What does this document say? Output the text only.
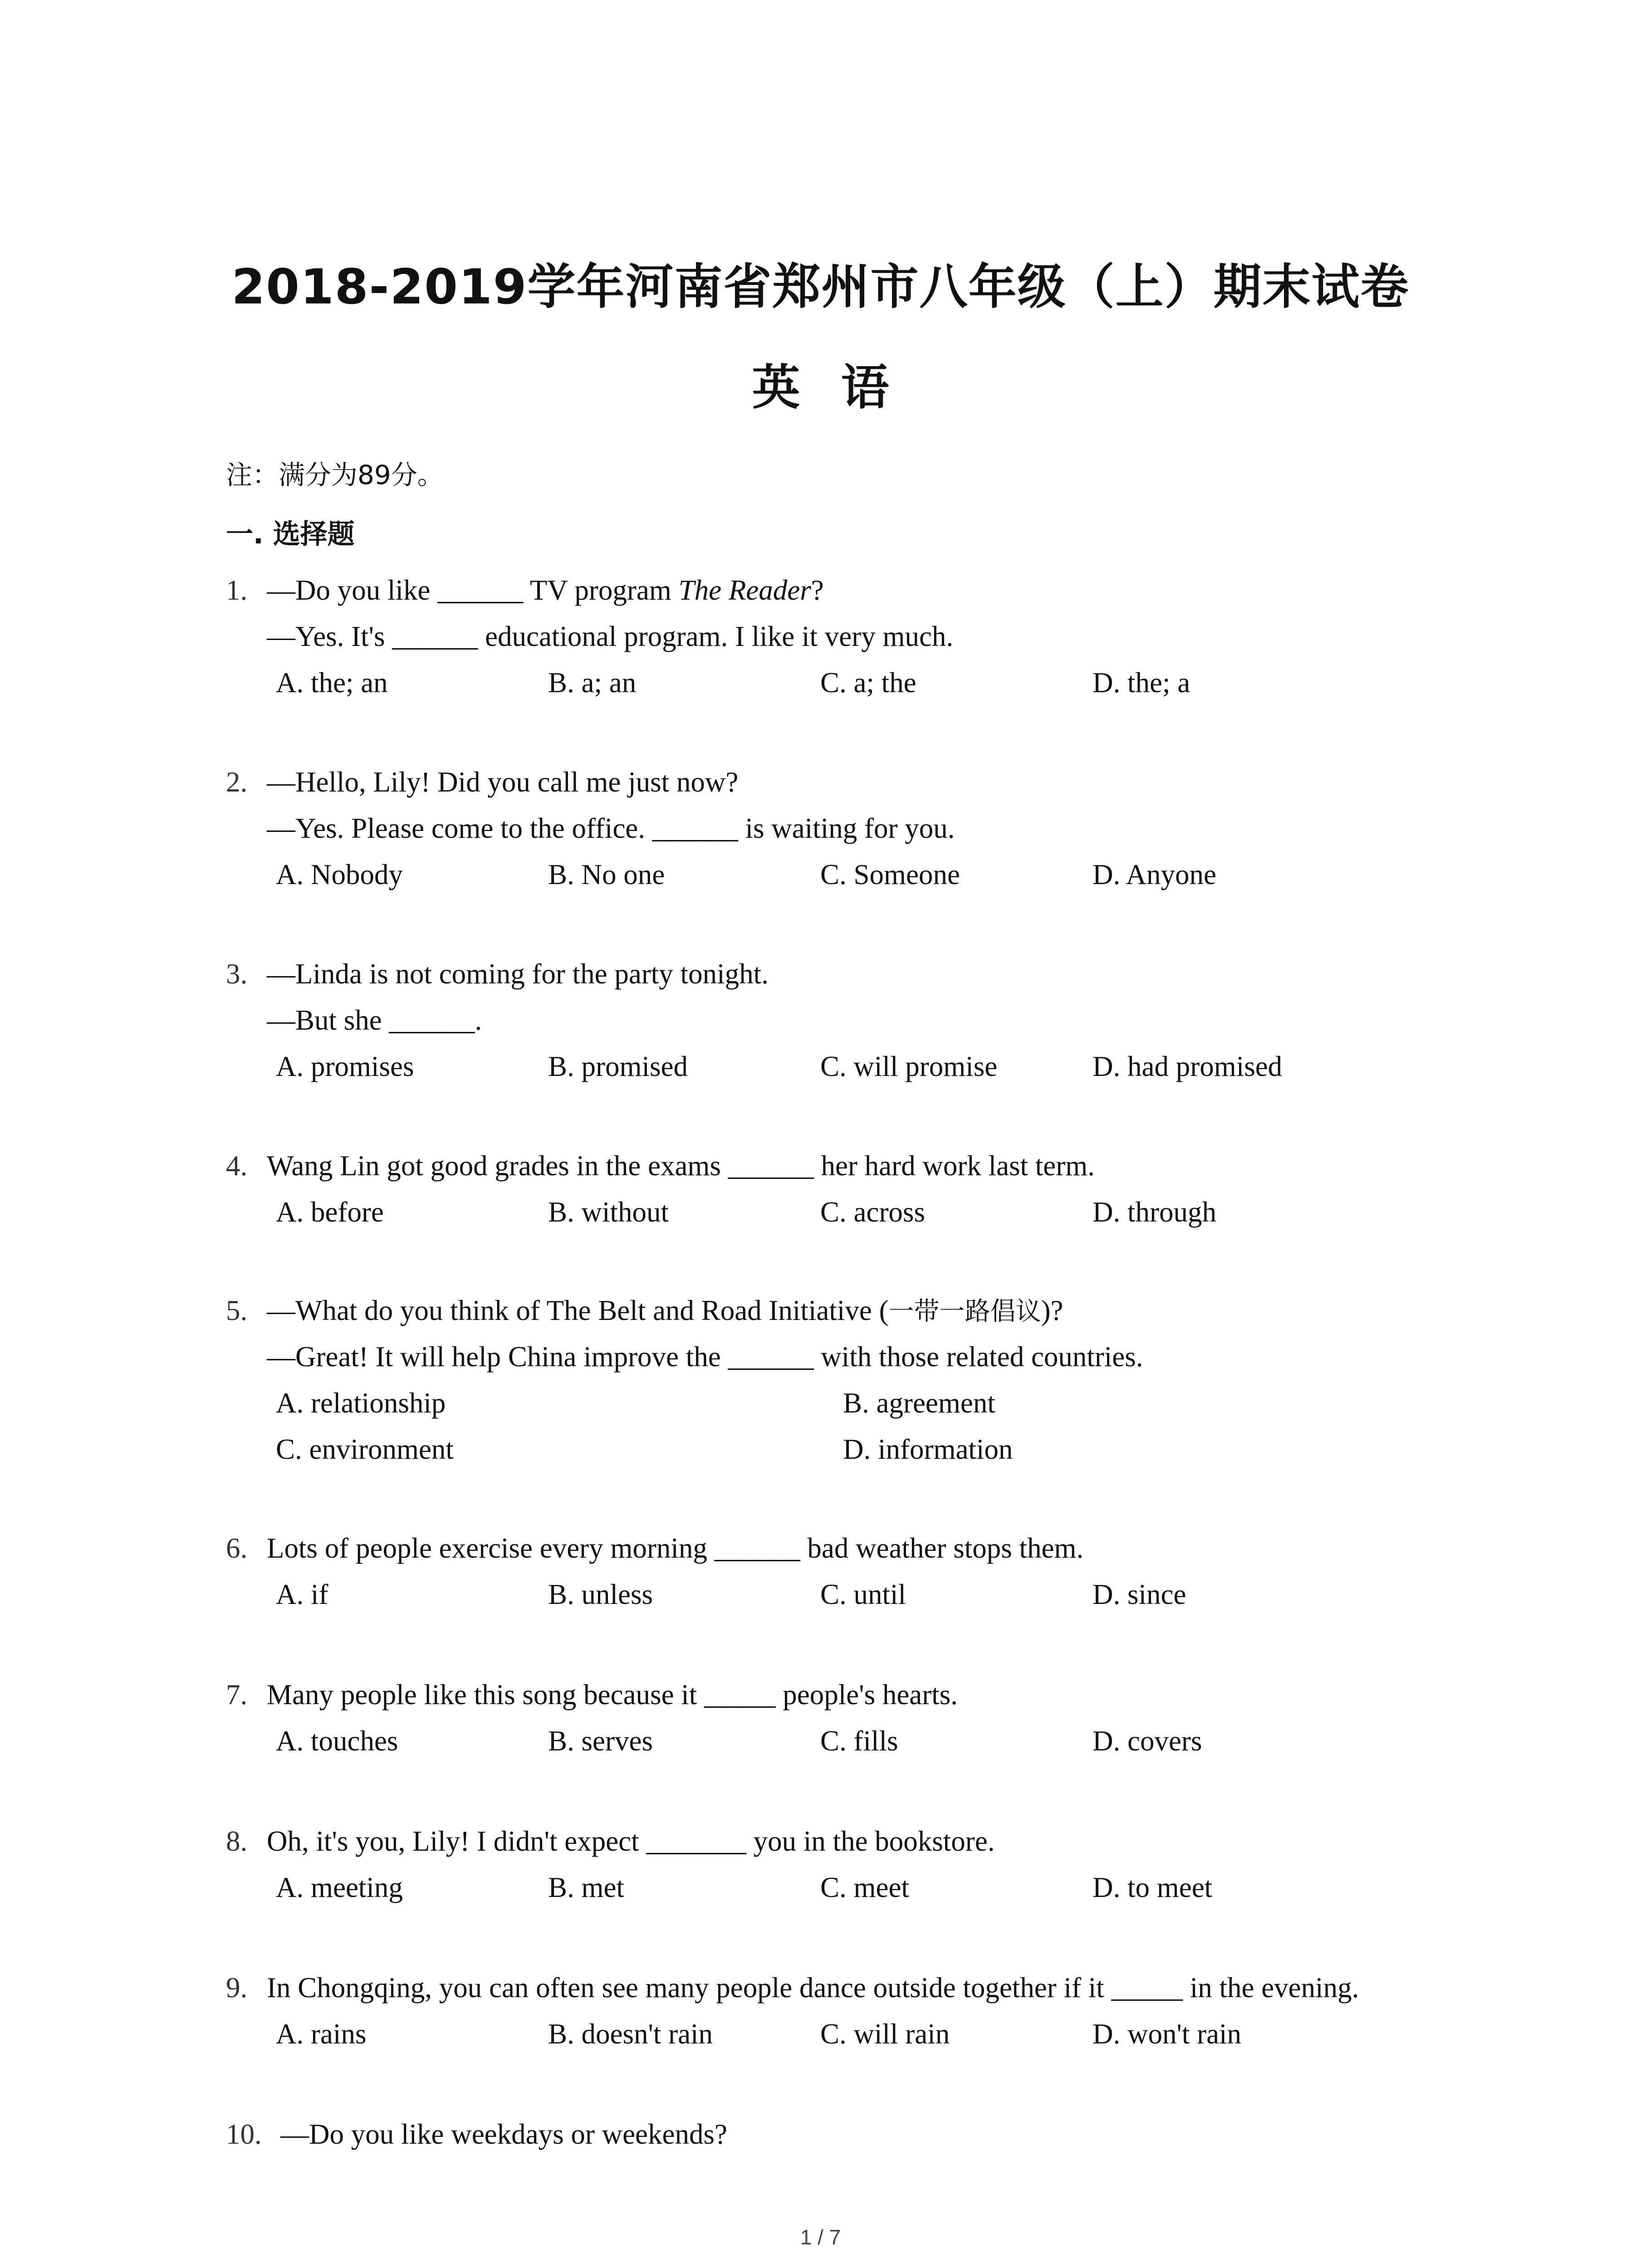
2018-2019学年河南省郑州市八年级（上）期末试卷
英语
注：满分为89分。
一. 选择题
1. —Do you like ______ TV program The Reader?
—Yes. It's ______ educational program. I like it very much.
A. the; an	B. a; an	C. a; the	D. the; a
2. —Hello, Lily! Did you call me just now?
—Yes. Please come to the office. ______ is waiting for you.
A. Nobody	B. No one	C. Someone	D. Anyone
3. —Linda is not coming for the party tonight.
—But she ______.
A. promises	B. promised	C. will promise	D. had promised
4. Wang Lin got good grades in the exams ______ her hard work last term.
A. before	B. without	C. across	D. through
5. —What do you think of The Belt and Road Initiative (一带一路倡议)?
—Great! It will help China improve the ______ with those related countries.
A. relationship	B. agreement
C. environment	D. information
6. Lots of people exercise every morning ______ bad weather stops them.
A. if	B. unless	C. until	D. since
7. Many people like this song because it _____ people's hearts.
A. touches	B. serves	C. fills	D. covers
8. Oh, it's you, Lily! I didn't expect _______ you in the bookstore.
A. meeting	B. met	C. meet	D. to meet
9. In Chongqing, you can often see many people dance outside together if it _____ in the evening.
A. rains	B. doesn't rain	C. will rain	D. won't rain
10. —Do you like weekdays or weekends?
1 / 7
